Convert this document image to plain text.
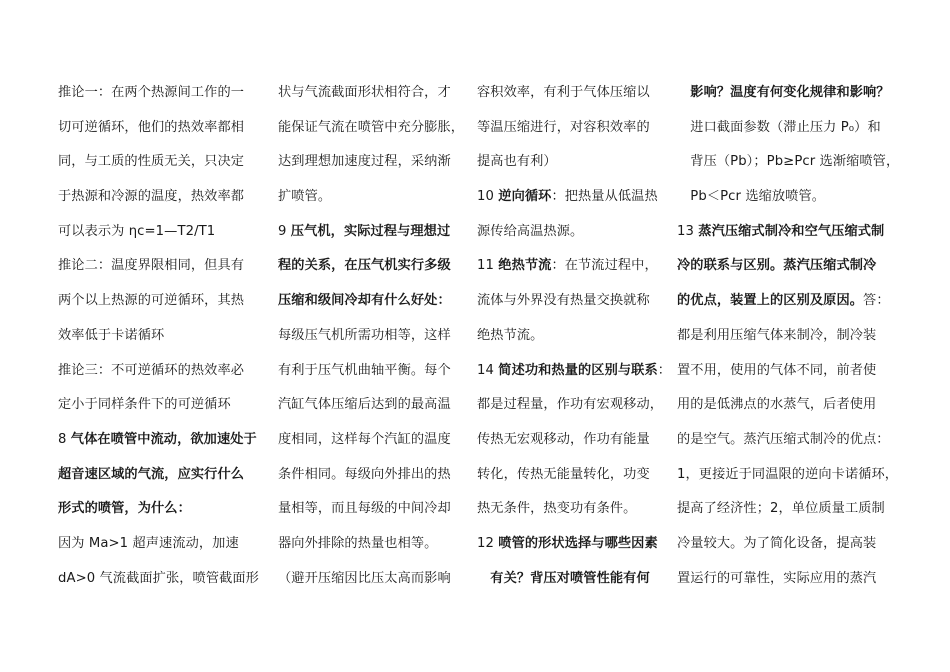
推论一：在两个热源间工作的一

切可逆循环，他们的热效率都相

同，与工质的性质无关，只决定

于热源和冷源的温度，热效率都

可以表示为 ηc=1—T2/T1

推论二：温度界限相同，但具有

两个以上热源的可逆循环，其热

效率低于卡诺循环

推论三：不可逆循环的热效率必

定小于同样条件下的可逆循环

8 气体在喷管中流动，欲加速处于

超音速区域的气流，应实行什么

形式的喷管，为什么：

因为 Ma>1 超声速流动，加速

dA>0 气流截面扩张，喷管截面形

状与气流截面形状相符合，才

能保证气流在喷管中充分膨胀，

达到理想加速度过程，采纳渐

扩喷管。

9 压气机，实际过程与理想过

程的关系，在压气机实行多级

压缩和级间冷却有什么好处：

每级压气机所需功相等，这样

有利于压气机曲轴平衡。每个

汽缸气体压缩后达到的最高温

度相同，这样每个汽缸的温度

条件相同。每级向外排出的热

量相等，而且每级的中间冷却

器向外排除的热量也相等。

（避开压缩因比压太高而影响

容积效率，有利于气体压缩以

等温压缩进行，对容积效率的

提高也有利）

10 逆向循环：把热量从低温热

源传给高温热源。

11 绝热节流：在节流过程中，

流体与外界没有热量交换就称

绝热节流。

14 简述功和热量的区别与联系：

都是过程量，作功有宏观移动，

传热无宏观移动，作功有能量

转化，传热无能量转化，功变

热无条件，热变功有条件。

12 喷管的形状选择与哪些因素

　有关？背压对喷管性能有何

　影响？温度有何变化规律和影响？

　进口截面参数（滞止压力 P₀）和

　背压（Pb）；Pb≥Pcr 选渐缩喷管，

　Pb＜Pcr 选缩放喷管。

13 蒸汽压缩式制冷和空气压缩式制

冷的联系与区别。蒸汽压缩式制冷

的优点，装置上的区别及原因。答：

都是利用压缩气体来制冷，制冷装

置不用，使用的气体不同，前者使

用的是低沸点的水蒸气，后者使用

的是空气。蒸汽压缩式制冷的优点：

1，更接近于同温限的逆向卡诺循环，

提高了经济性；2，单位质量工质制

冷量较大。为了简化设备，提高装

置运行的可靠性，实际应用的蒸汽
